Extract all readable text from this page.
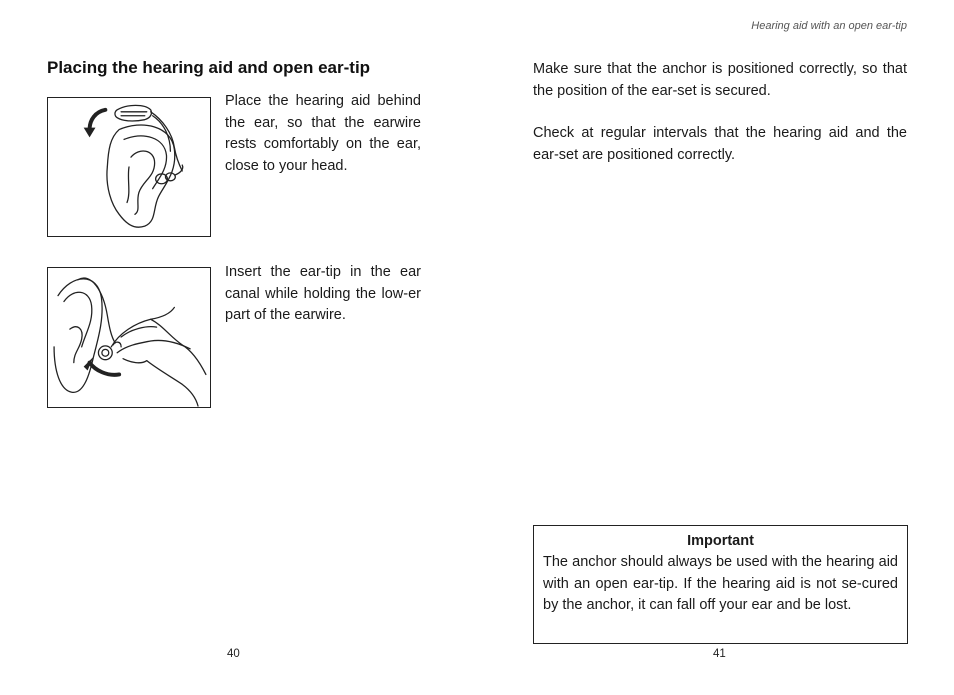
Hearing aid with an open ear-tip
Placing the hearing aid and open ear-tip

Place the hearing aid behind the ear, so that the earwire rests comfortably on the ear, close to your head.

Insert the ear-tip in the ear canal while holding the low-er part of the earwire.

40

Make sure that the anchor is positioned correctly, so that the position of the ear-set is secured.

Check at regular intervals that the hearing aid and the ear-set are positioned correctly.

Important
The anchor should always be used with the hearing aid with an open ear-tip. If the hearing aid is not se-cured by the anchor, it can fall off your ear and be lost.
41
